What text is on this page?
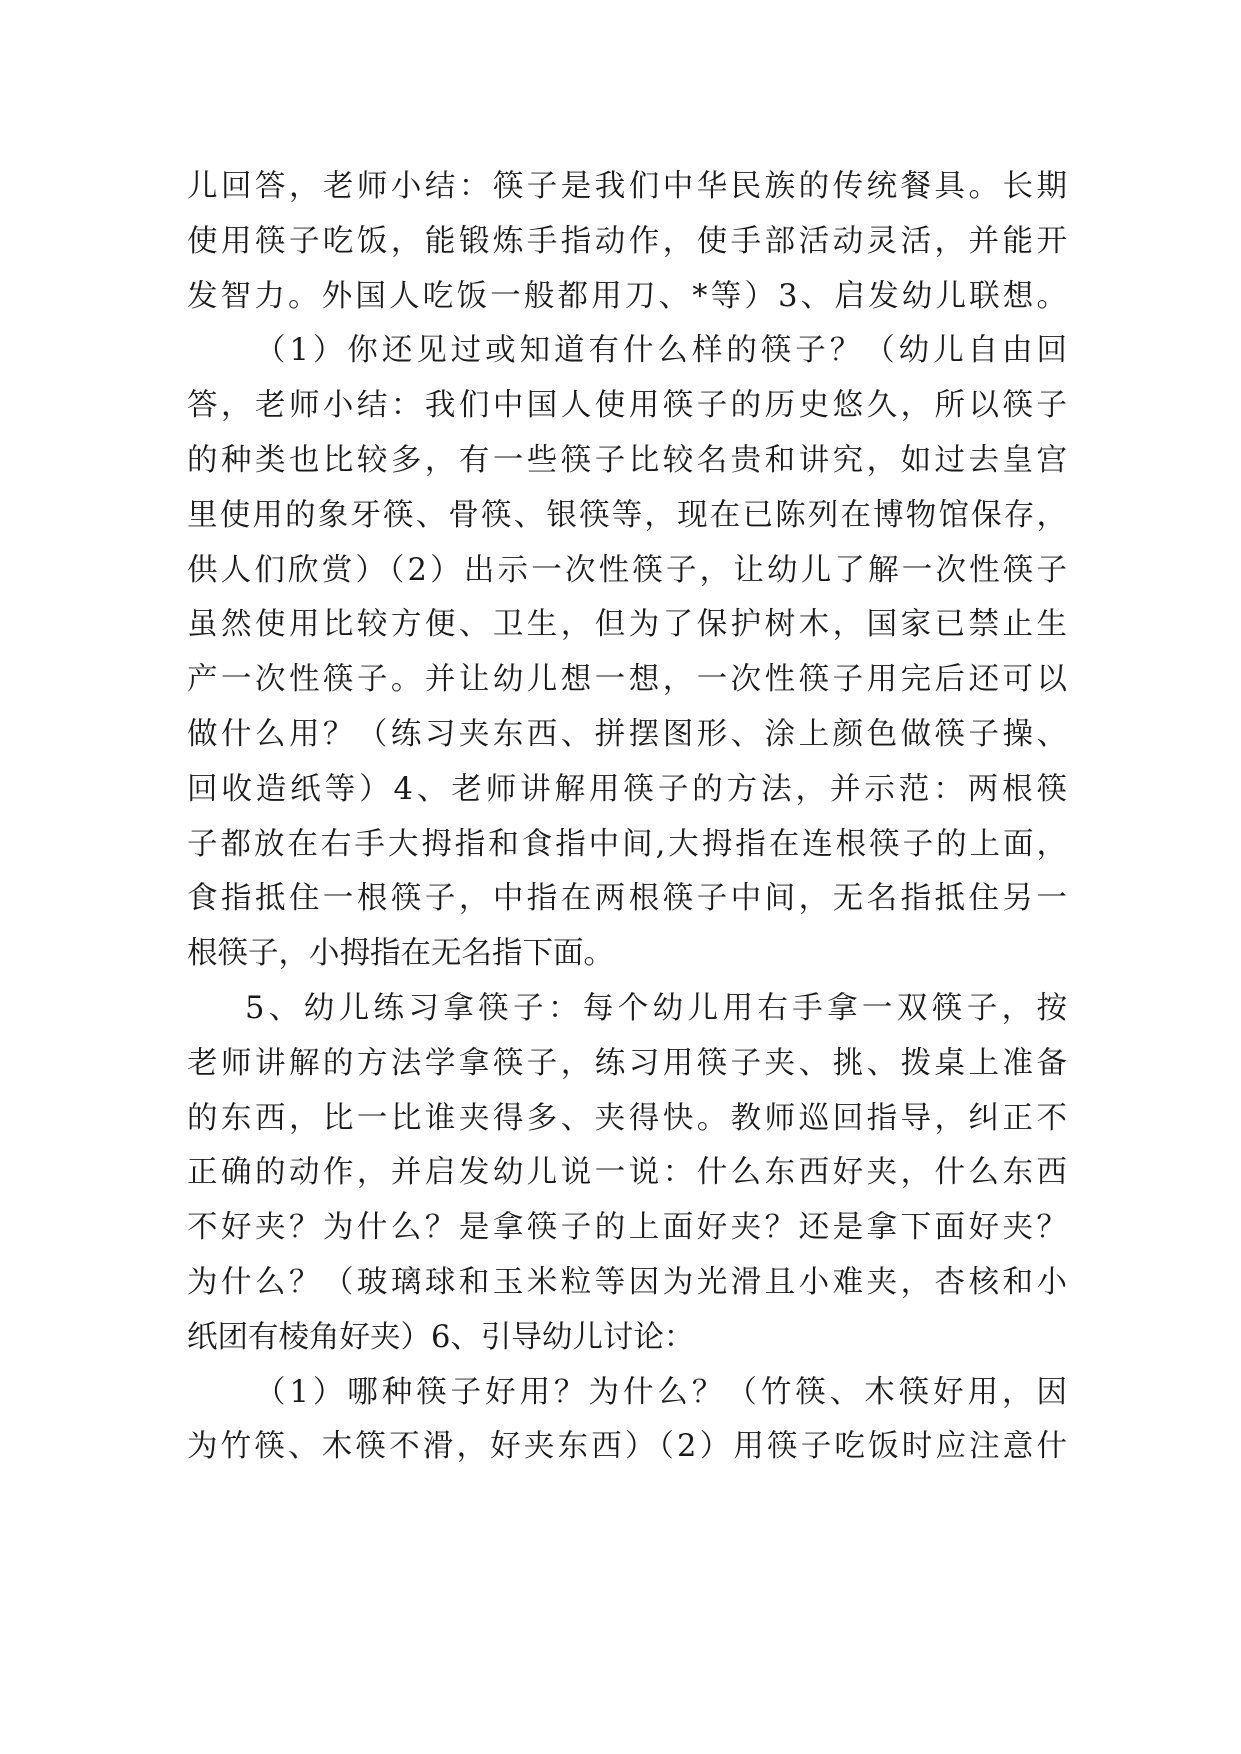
儿回答，老师小结：筷子是我们中华民族的传统餐具。长期
使用筷子吃饭，能锻炼手指动作，使手部活动灵活，并能开
发智力。外国人吃饭一般都用刀、*等）3、启发幼儿联想。
（1）你还见过或知道有什么样的筷子？（幼儿自由回
答，老师小结：我们中国人使用筷子的历史悠久，所以筷子
的种类也比较多，有一些筷子比较名贵和讲究，如过去皇宫
里使用的象牙筷、骨筷、银筷等，现在已陈列在博物馆保存，
供人们欣赏）（2）出示一次性筷子，让幼儿了解一次性筷子
虽然使用比较方便、卫生，但为了保护树木，国家已禁止生
产一次性筷子。并让幼儿想一想，一次性筷子用完后还可以
做什么用？（练习夹东西、拼摆图形、涂上颜色做筷子操、
回收造纸等）4、老师讲解用筷子的方法，并示范：两根筷
子都放在右手大拇指和食指中间,大拇指在连根筷子的上面，
食指抵住一根筷子，中指在两根筷子中间，无名指抵住另一
根筷子，小拇指在无名指下面。
5、幼儿练习拿筷子：每个幼儿用右手拿一双筷子，按
老师讲解的方法学拿筷子，练习用筷子夹、挑、拨桌上准备
的东西，比一比谁夹得多、夹得快。教师巡回指导，纠正不
正确的动作，并启发幼儿说一说：什么东西好夹，什么东西
不好夹？为什么？是拿筷子的上面好夹？还是拿下面好夹？
为什么？（玻璃球和玉米粒等因为光滑且小难夹，杏核和小
纸团有棱角好夹）6、引导幼儿讨论：
（1）哪种筷子好用？为什么？（竹筷、木筷好用，因
为竹筷、木筷不滑，好夹东西）（2）用筷子吃饭时应注意什
